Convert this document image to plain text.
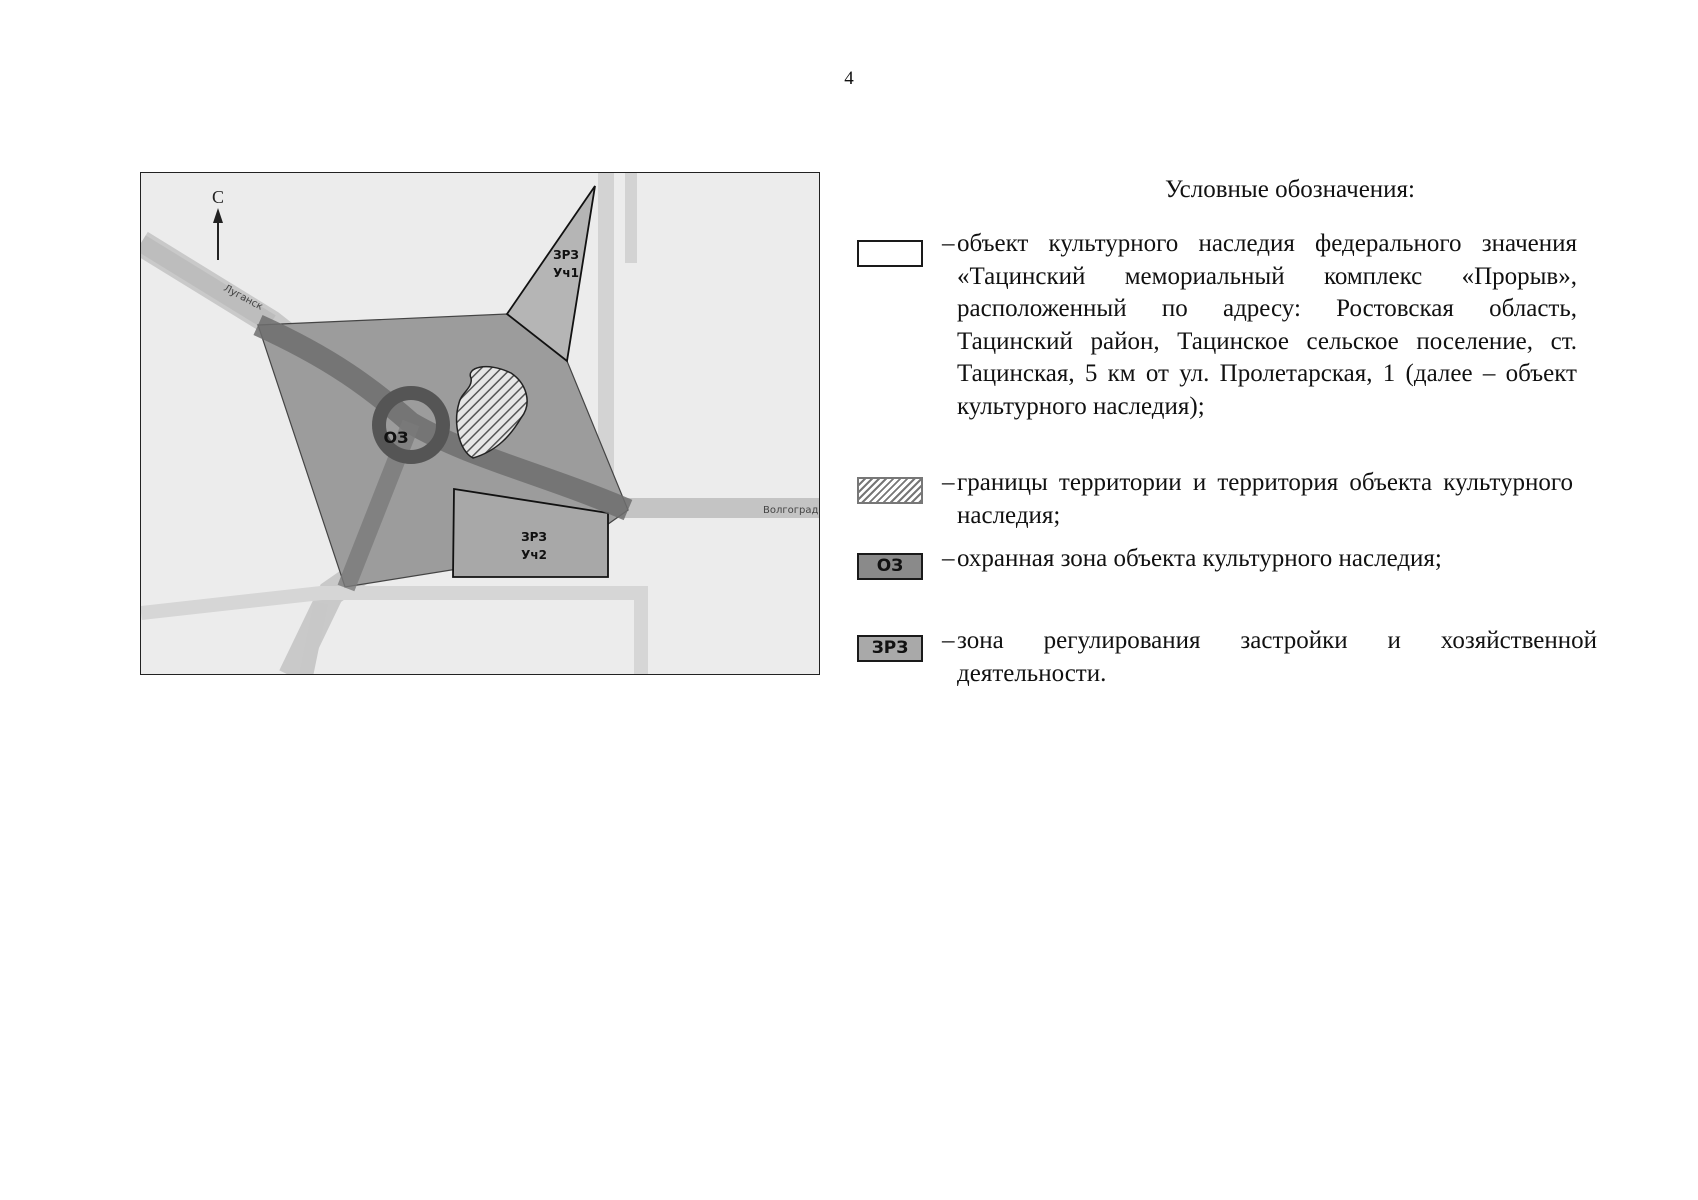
4
С
Луганск
Волгоград
ОЗ
ЗРЗ
Уч1
ЗРЗ
Уч2
Условные обозначения:
– объект культурного наследия федерального значения «Тацинский мемориальный комплекс «Прорыв», расположенный по адресу: Ростовская область, Тацинский район, Тацинское сельское поселение, ст. Тацинская, 5 км от ул. Пролетарская, 1 (далее – объект культурного наследия);
– границы территории и территория объекта культурного наследия;
ОЗ	– охранная зона объекта культурного наследия;
ЗРЗ	– зона регулирования застройки и хозяйственной деятельности.
